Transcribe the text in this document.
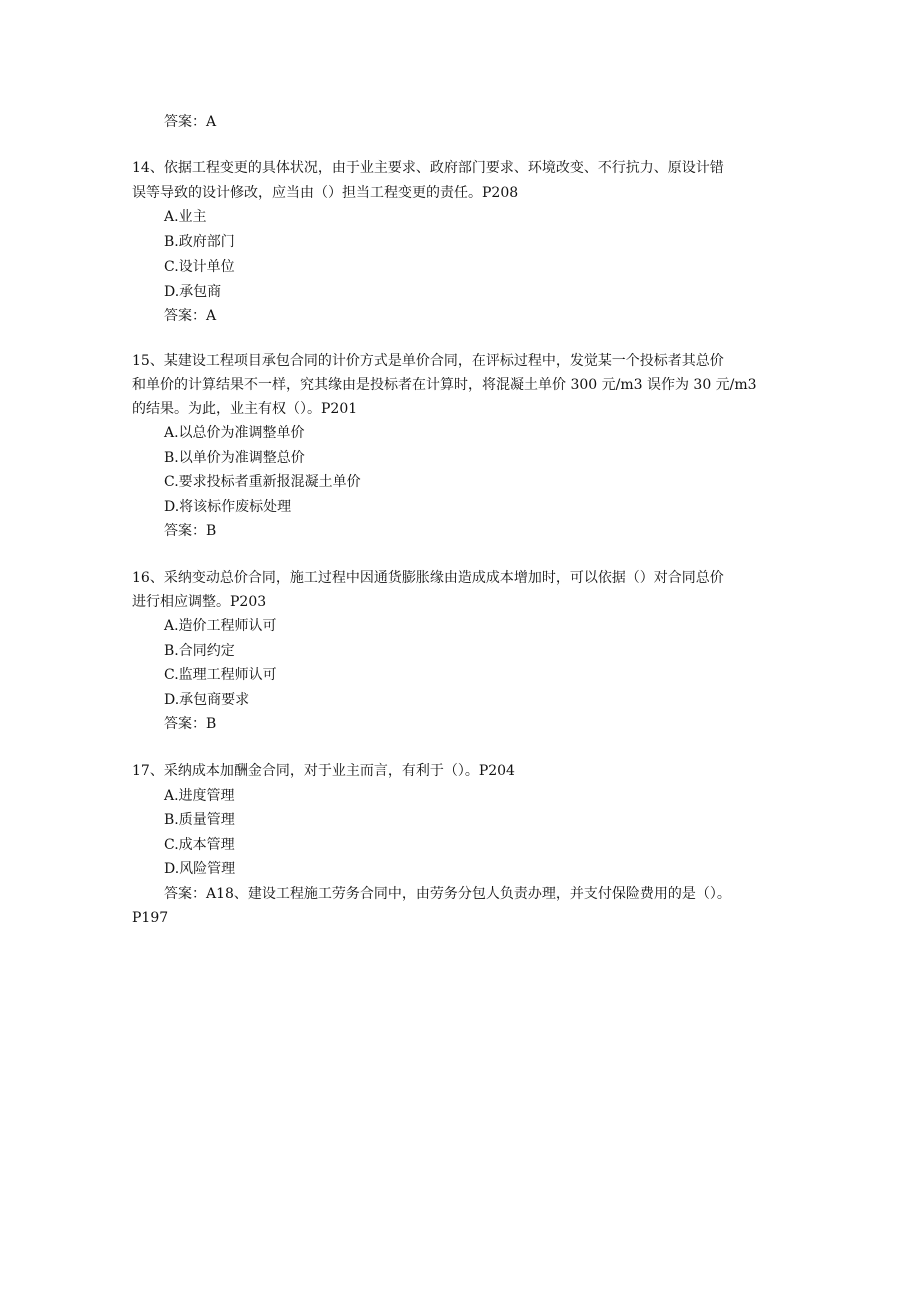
答案：A
14、依据工程变更的具体状况，由于业主要求、政府部门要求、环境改变、不行抗力、原设计错
误等导致的设计修改，应当由（）担当工程变更的责任。P208
A.业主
B.政府部门
C.设计单位
D.承包商
答案：A
15、某建设工程项目承包合同的计价方式是单价合同，在评标过程中，发觉某一个投标者其总价
和单价的计算结果不一样，究其缘由是投标者在计算时，将混凝土单价 300 元/m3 误作为 30 元/m3
的结果。为此，业主有权（）。P201
A.以总价为准调整单价
B.以单价为准调整总价
C.要求投标者重新报混凝土单价
D.将该标作废标处理
答案：B
16、采纳变动总价合同，施工过程中因通货膨胀缘由造成成本增加时，可以依据（）对合同总价
进行相应调整。P203
A.造价工程师认可
B.合同约定
C.监理工程师认可
D.承包商要求
答案：B
17、采纳成本加酬金合同，对于业主而言，有利于（）。P204
A.进度管理
B.质量管理
C.成本管理
D.风险管理
答案：A18、建设工程施工劳务合同中，由劳务分包人负责办理，并支付保险费用的是（）。
P197
